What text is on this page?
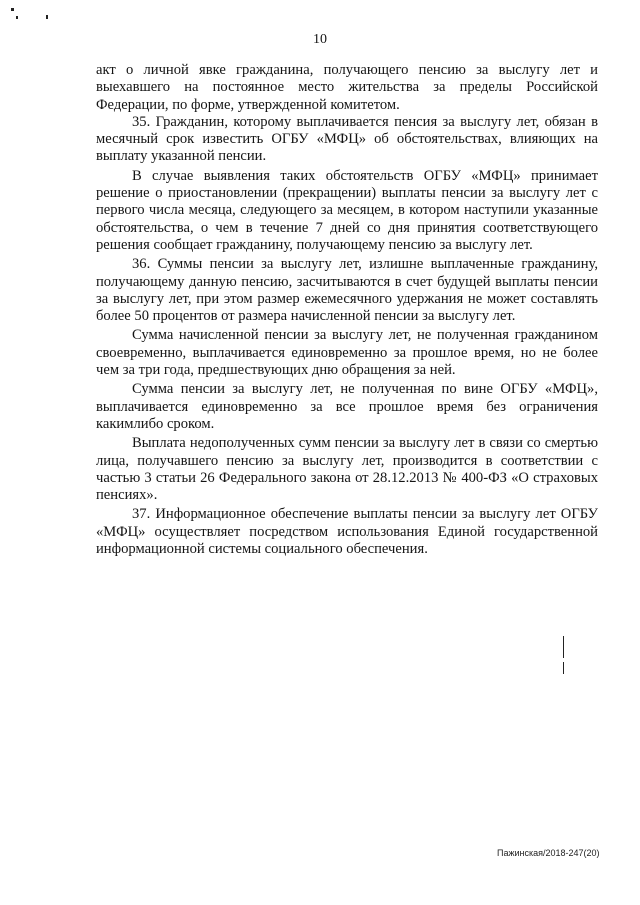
10

акт о личной явке гражданина, получающего пенсию за выслугу лет и выехавшего на постоянное место жительства за пределы Российской Федерации, по форме, утвержденной комитетом.

35. Гражданин, которому выплачивается пенсия за выслугу лет, обязан в месячный срок известить ОГБУ «МФЦ» об обстоятельствах, влияющих на выплату указанной пенсии.

В случае выявления таких обстоятельств ОГБУ «МФЦ» принимает решение о приостановлении (прекращении) выплаты пенсии за выслугу лет с первого числа месяца, следующего за месяцем, в котором наступили указанные обстоятельства, о чем в течение 7 дней со дня принятия соответствующего решения сообщает гражданину, получающему пенсию за выслугу лет.

36. Суммы пенсии за выслугу лет, излишне выплаченные гражданину, получающему данную пенсию, засчитываются в счет будущей выплаты пенсии за выслугу лет, при этом размер ежемесячного удержания не может составлять более 50 процентов от размера начисленной пенсии за выслугу лет.

Сумма начисленной пенсии за выслугу лет, не полученная гражданином своевременно, выплачивается единовременно за прошлое время, но не более чем за три года, предшествующих дню обращения за ней.

Сумма пенсии за выслугу лет, не полученная по вине ОГБУ «МФЦ», выплачивается единовременно за все прошлое время без ограничения какимлибо сроком.

Выплата недополученных сумм пенсии за выслугу лет в связи со смертью лица, получавшего пенсию за выслугу лет, производится в соответствии с частью 3 статьи 26 Федерального закона от 28.12.2013 № 400-ФЗ «О страховых пенсиях».

37. Информационное обеспечение выплаты пенсии за выслугу лет ОГБУ «МФЦ» осуществляет посредством использования Единой государственной информационной системы социального обеспечения.

Пажинская/2018-247(20)
